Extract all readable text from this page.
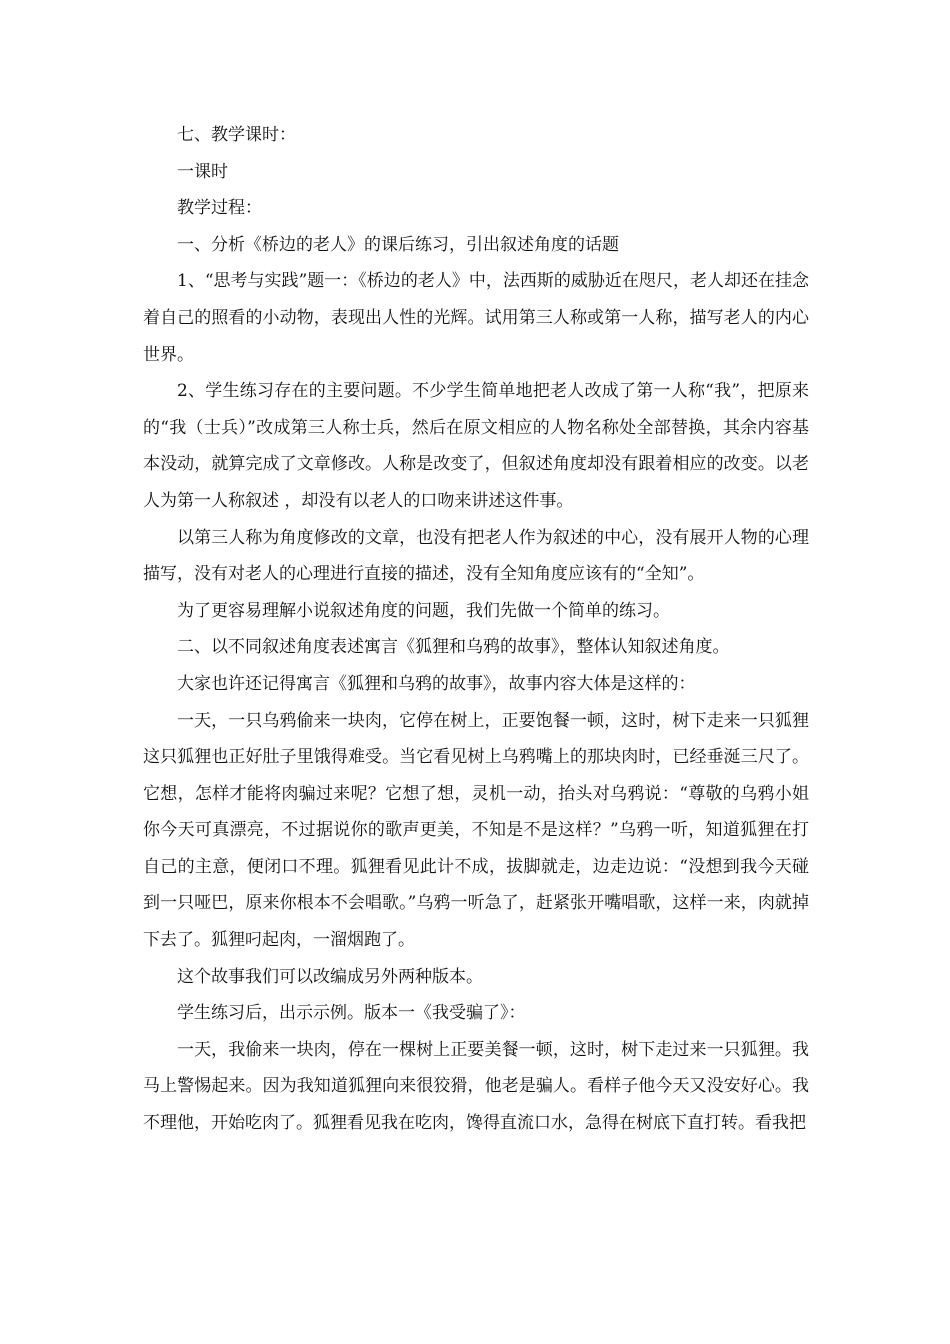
七、教学课时：

一课时

教学过程：

一、分析《桥边的老人》的课后练习，引出叙述角度的话题

1、“思考与实践”题一：《桥边的老人》中，法西斯的威胁近在咫尺，老人却还在挂念着自己的照看的小动物，表现出人性的光辉。试用第三人称或第一人称，描写老人的内心世界。

2、学生练习存在的主要问题。不少学生简单地把老人改成了第一人称“我”，把原来的“我（士兵）”改成第三人称士兵，然后在原文相应的人物名称处全部替换，其余内容基本没动，就算完成了文章修改。人称是改变了，但叙述角度却没有跟着相应的改变。以老人为第一人称叙述 ，却没有以老人的口吻来讲述这件事。

以第三人称为角度修改的文章，也没有把老人作为叙述的中心，没有展开人物的心理描写，没有对老人的心理进行直接的描述，没有全知角度应该有的“全知”。

为了更容易理解小说叙述角度的问题，我们先做一个简单的练习。

二、以不同叙述角度表述寓言《狐狸和乌鸦的故事》，整体认知叙述角度。

大家也许还记得寓言《狐狸和乌鸦的故事》，故事内容大体是这样的：

一天，一只乌鸦偷来一块肉，它停在树上，正要饱餐一顿，这时，树下走来一只狐狸这只狐狸也正好肚子里饿得难受。当它看见树上乌鸦嘴上的那块肉时，已经垂涎三尺了。它想，怎样才能将肉骗过来呢？它想了想，灵机一动，抬头对乌鸦说：“尊敬的乌鸦小姐你今天可真漂亮，不过据说你的歌声更美，不知是不是这样？”乌鸦一听，知道狐狸在打自己的主意，便闭口不理。狐狸看见此计不成，拔脚就走，边走边说：“没想到我今天碰到一只哑巴，原来你根本不会唱歌。”乌鸦一听急了，赶紧张开嘴唱歌，这样一来，肉就掉下去了。狐狸叼起肉，一溜烟跑了。

这个故事我们可以改编成另外两种版本。

学生练习后，出示示例。版本一《我受骗了》：

一天，我偷来一块肉，停在一棵树上正要美餐一顿，这时，树下走过来一只狐狸。我马上警惕起来。因为我知道狐狸向来很狡猾，他老是骗人。看样子他今天又没安好心。我不理他，开始吃肉了。狐狸看见我在吃肉，馋得直流口水，急得在树底下直打转。看我把
